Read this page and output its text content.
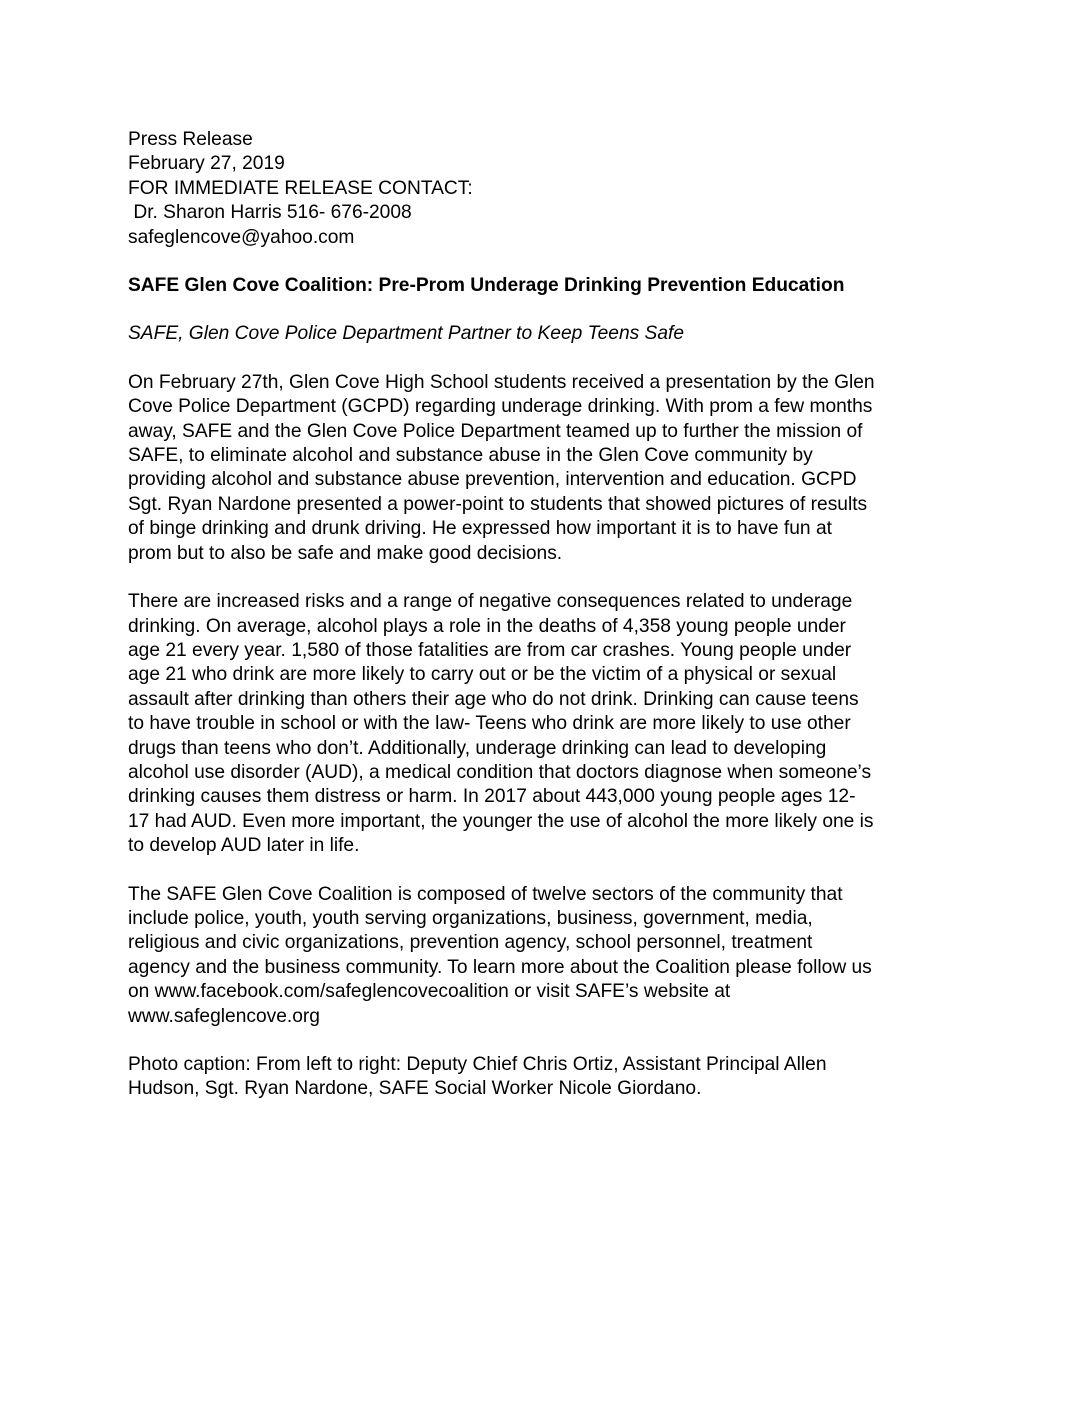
Press Release
February 27, 2019
FOR IMMEDIATE RELEASE CONTACT:
Dr. Sharon Harris 516- 676-2008
safeglencove@yahoo.com
SAFE Glen Cove Coalition: Pre-Prom Underage Drinking Prevention Education
SAFE, Glen Cove Police Department Partner to Keep Teens Safe
On February 27th, Glen Cove High School students received a presentation by the Glen
Cove Police Department (GCPD) regarding underage drinking. With prom a few months
away, SAFE and the Glen Cove Police Department teamed up to further the mission of
SAFE, to eliminate alcohol and substance abuse in the Glen Cove community by
providing alcohol and substance abuse prevention, intervention and education. GCPD
Sgt. Ryan Nardone presented a power-point to students that showed pictures of results
of binge drinking and drunk driving. He expressed how important it is to have fun at
prom but to also be safe and make good decisions.
There are increased risks and a range of negative consequences related to underage
drinking. On average, alcohol plays a role in the deaths of 4,358 young people under
age 21 every year. 1,580 of those fatalities are from car crashes. Young people under
age 21 who drink are more likely to carry out or be the victim of a physical or sexual
assault after drinking than others their age who do not drink. Drinking can cause teens
to have trouble in school or with the law- Teens who drink are more likely to use other
drugs than teens who don’t. Additionally, underage drinking can lead to developing
alcohol use disorder (AUD), a medical condition that doctors diagnose when someone’s
drinking causes them distress or harm. In 2017 about 443,000 young people ages 12-
17 had AUD. Even more important, the younger the use of alcohol the more likely one is
to develop AUD later in life.
The SAFE Glen Cove Coalition is composed of twelve sectors of the community that
include police, youth, youth serving organizations, business, government, media,
religious and civic organizations, prevention agency, school personnel, treatment
agency and the business community. To learn more about the Coalition please follow us
on www.facebook.com/safeglencovecoalition or visit SAFE’s website at
www.safeglencove.org
Photo caption: From left to right: Deputy Chief Chris Ortiz, Assistant Principal Allen
Hudson, Sgt. Ryan Nardone, SAFE Social Worker Nicole Giordano.
